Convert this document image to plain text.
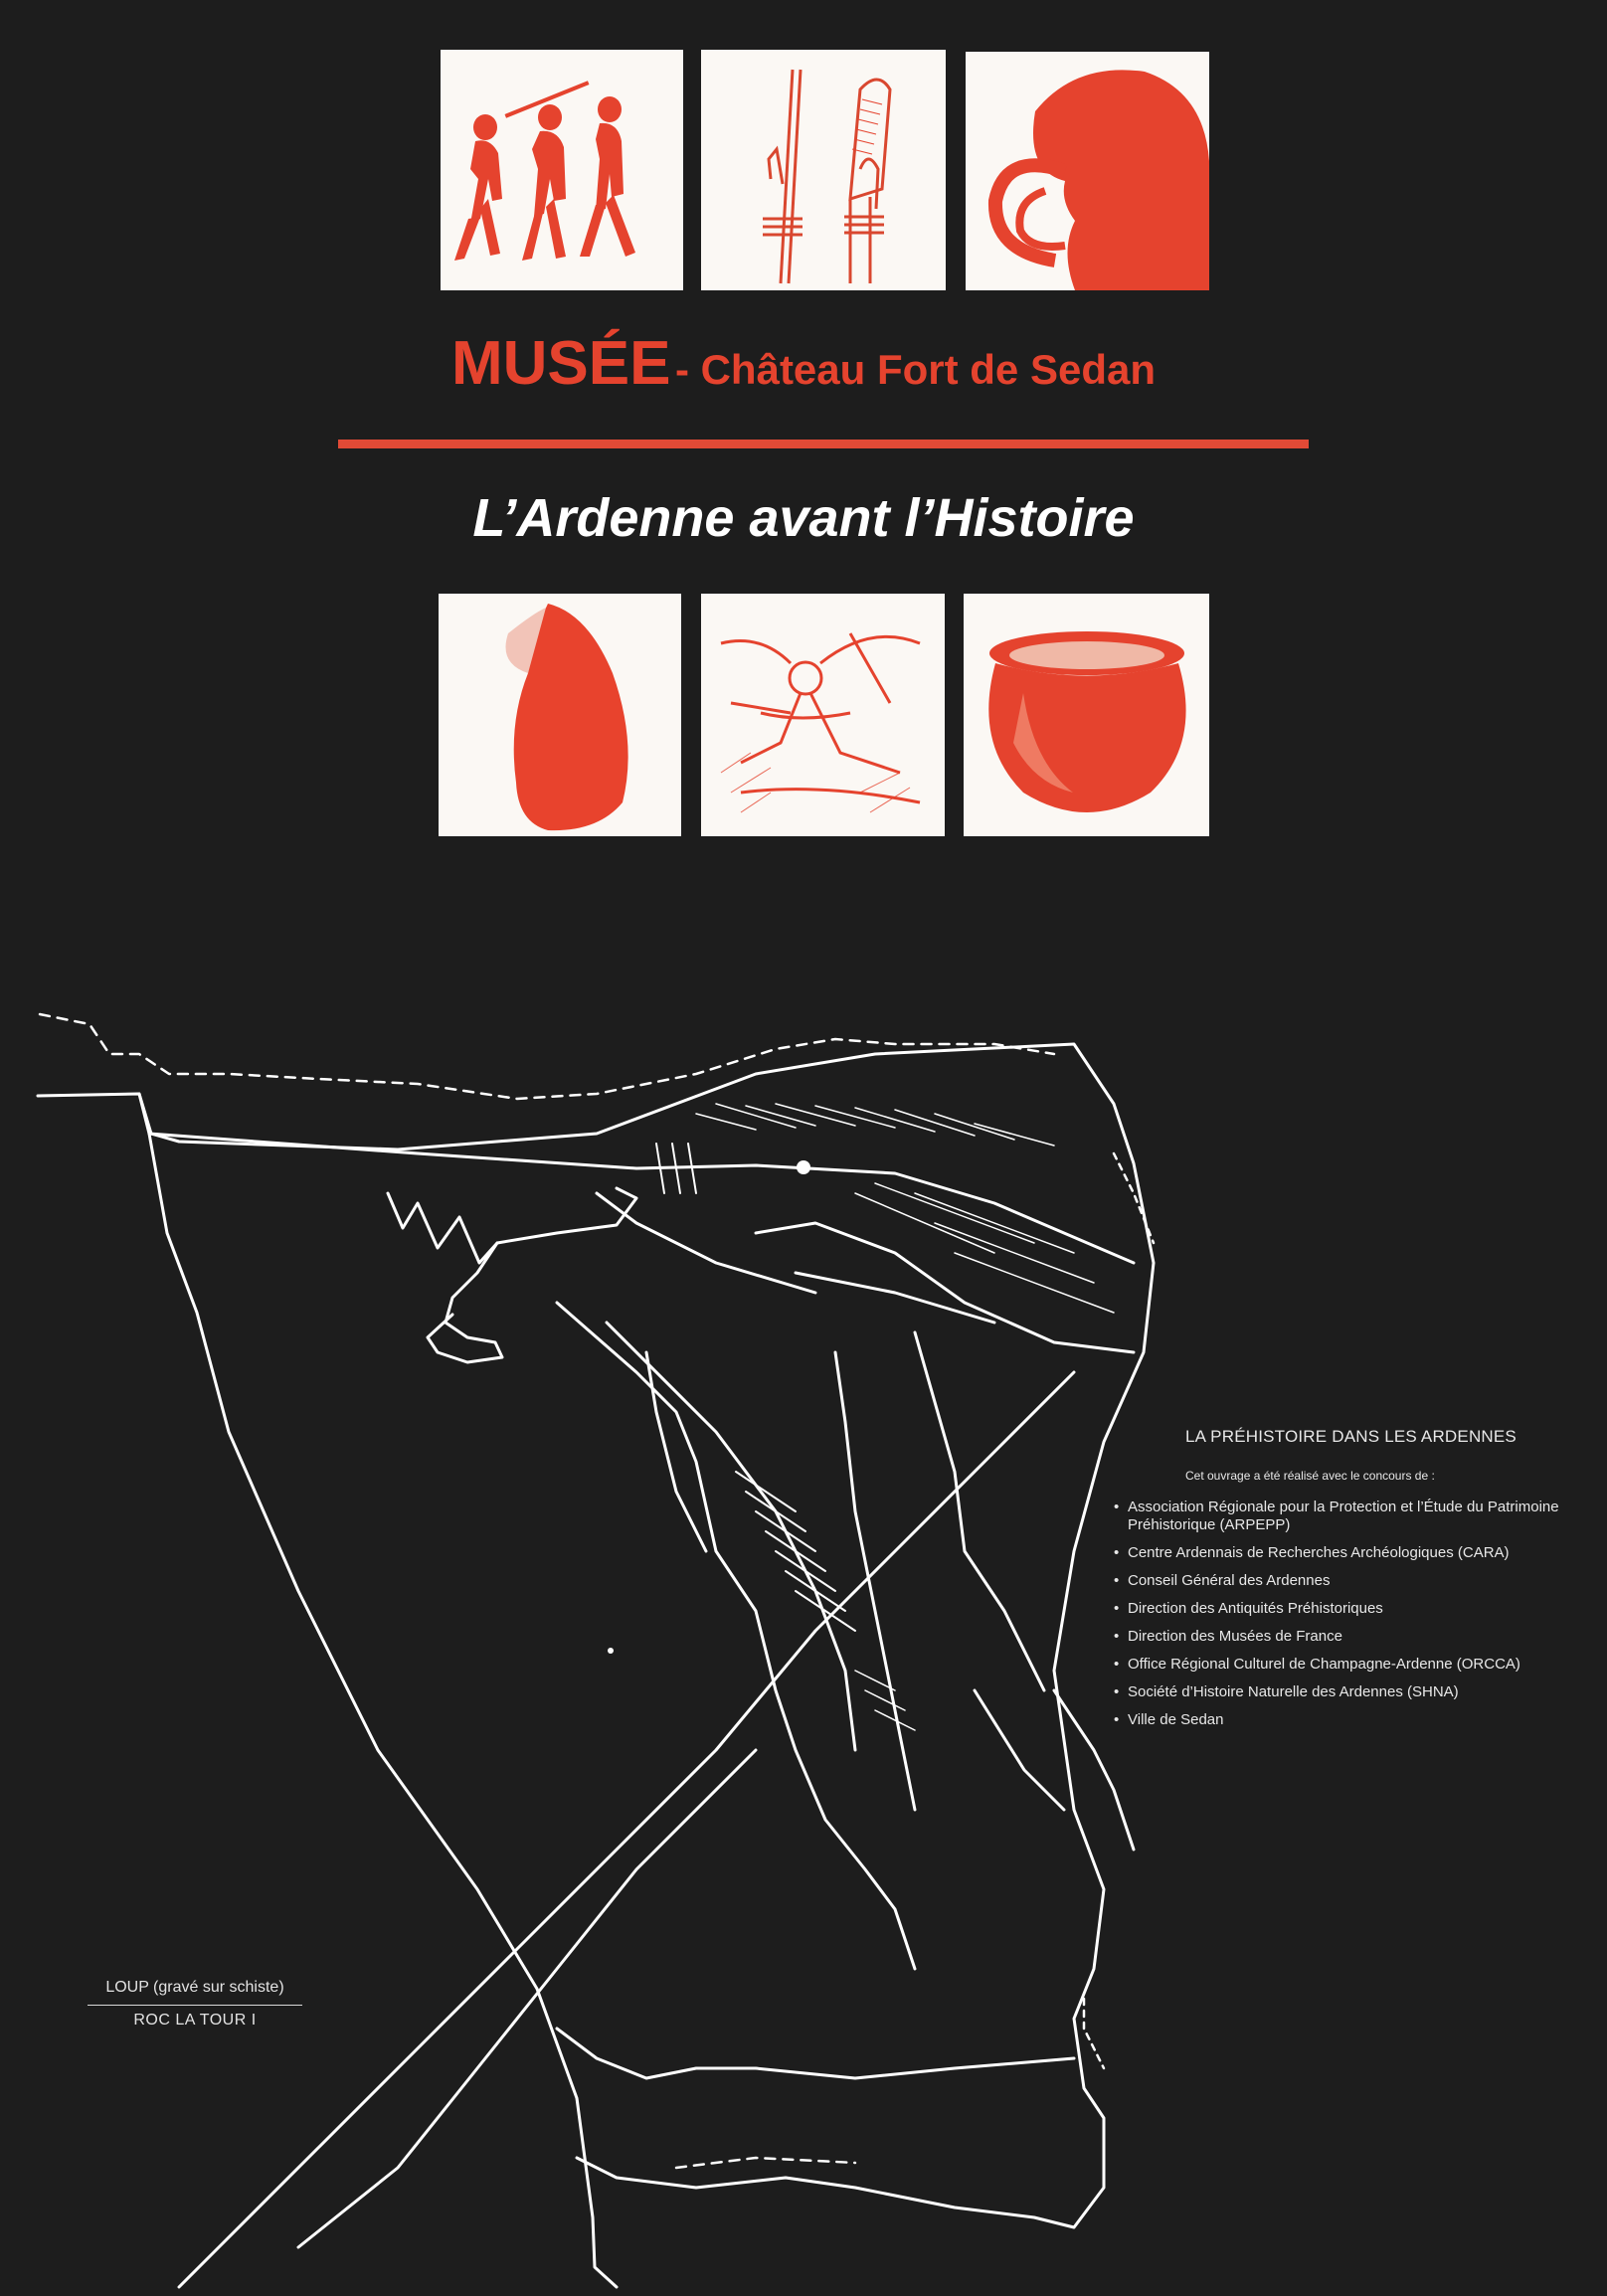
MUSÉE - Château Fort de Sedan
L’Ardenne avant l’Histoire
LA PRÉHISTOIRE DANS LES ARDENNES
Cet ouvrage a été réalisé avec le concours de :
• Association Régionale pour la Protection et l’Étude du Patrimoine Préhistorique (ARPEPP)
• Centre Ardennais de Recherches Archéologiques (CARA)
• Conseil Général des Ardennes
• Direction des Antiquités Préhistoriques
• Direction des Musées de France
• Office Régional Culturel de Champagne-Ardenne (ORCCA)
• Société d’Histoire Naturelle des Ardennes (SHNA)
• Ville de Sedan
LOUP (gravé sur schiste)
ROC LA TOUR I
